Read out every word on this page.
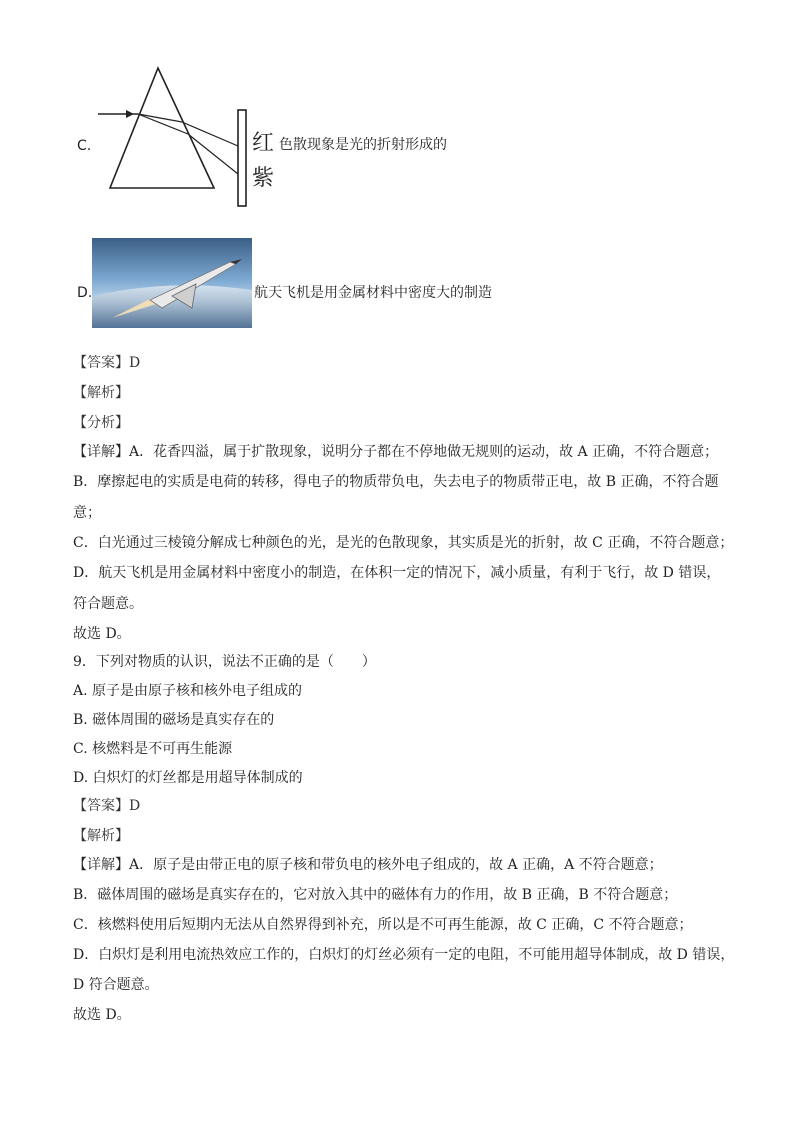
C.	红
紫
色散现象是光的折射形成的
D.	航天飞机是用金属材料中密度大的制造
【答案】D
【解析】
【分析】
【详解】A．花香四溢，属于扩散现象，说明分子都在不停地做无规则的运动，故 A 正确，不符合题意；
B．摩擦起电的实质是电荷的转移，得电子的物质带负电，失去电子的物质带正电，故 B 正确，不符合题
意；
C．白光通过三棱镜分解成七种颜色的光，是光的色散现象，其实质是光的折射，故 C 正确，不符合题意；
D．航天飞机是用金属材料中密度小的制造，在体积一定的情况下，减小质量，有利于飞行，故 D 错误，
符合题意。
故选 D。
9．下列对物质的认识，说法不正确的是（　　）
A. 原子是由原子核和核外电子组成的
B. 磁体周围的磁场是真实存在的
C. 核燃料是不可再生能源
D. 白炽灯的灯丝都是用超导体制成的
【答案】D
【解析】
【详解】A．原子是由带正电的原子核和带负电的核外电子组成的，故 A 正确，A 不符合题意；
B．磁体周围的磁场是真实存在的，它对放入其中的磁体有力的作用，故 B 正确，B 不符合题意；
C．核燃料使用后短期内无法从自然界得到补充，所以是不可再生能源，故 C 正确，C 不符合题意；
D．白炽灯是利用电流热效应工作的，白炽灯的灯丝必须有一定的电阻，不可能用超导体制成，故 D 错误，
D 符合题意。
故选 D。
